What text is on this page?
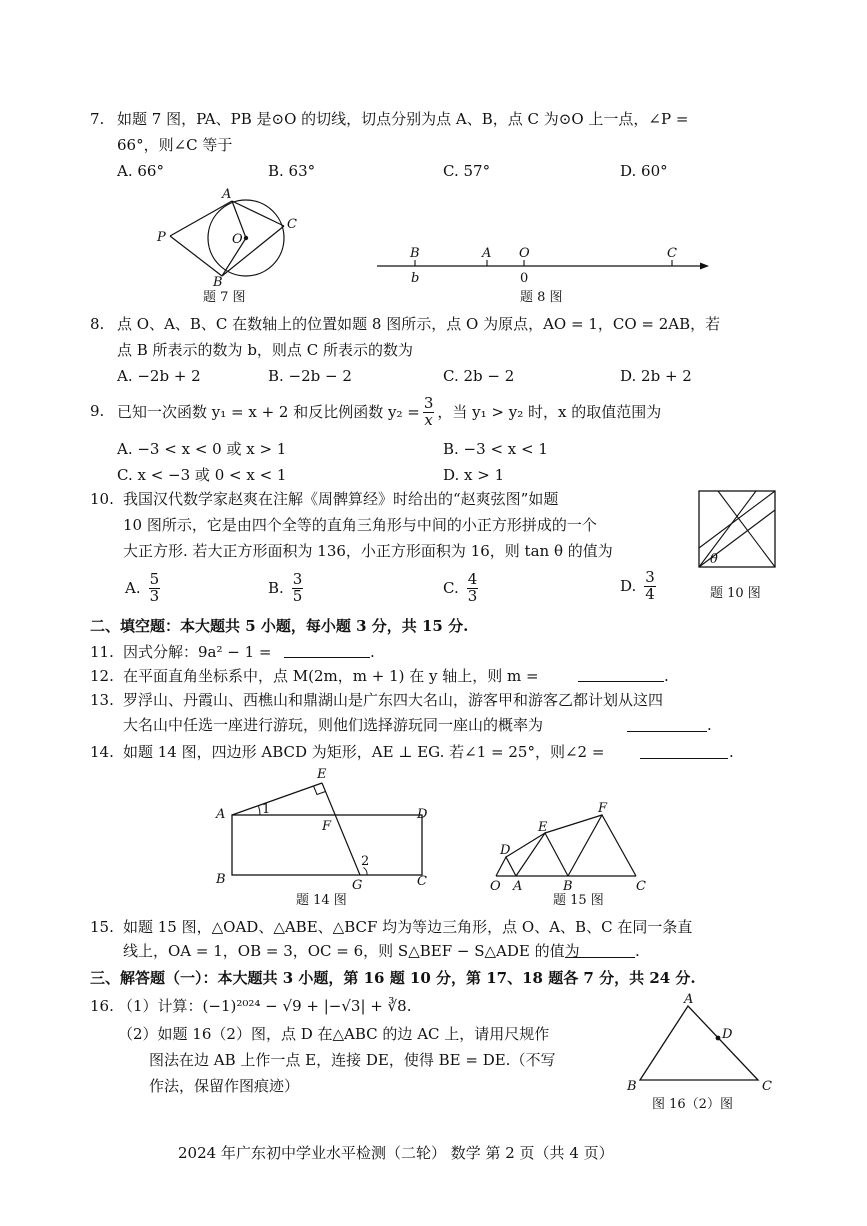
7. 如题 7 图，PA、PB 是⊙O 的切线，切点分别为点 A、B，点 C 为⊙O 上一点，∠P =
66°，则∠C 等于
A. 66°	B. 63°	C. 57°	D. 60°
A
C
P	O
B
题 7 图
B	A O	C
b	0
题 8 图
8. 点 O、A、B、C 在数轴上的位置如题 8 图所示，点 O 为原点，AO = 1，CO = 2AB，若
点 B 所表示的数为 b，则点 C 所表示的数为
A. −2b + 2	B. −2b − 2	C. 2b − 2	D. 2b + 2
9. 已知一次函数 y₁ = x + 2 和反比例函数 $y_2 = \frac{3}{x}$ ，当 y₁ > y₂ 时，x 的取值范围为
A. −3 < x < 0 或 x > 1	B. −3 < x < 1
C. x < −3 或 0 < x < 1	D. x > 1
10. 我国汉代数学家赵爽在注解《周髀算经》时给出的“赵爽弦图”如题
10 图所示，它是由四个全等的直角三角形与中间的小正方形拼成的一个
大正方形. 若大正方形面积为 136，小正方形面积为 16，则 tan θ 的值为
A. $\frac{5}{3}$	B. $\frac{3}{5}$	C. $\frac{4}{3}$	D. $\frac{3}{4}$
θ
题 10 图
二、填空题：本大题共 5 小题，每小题 3 分，共 15 分.
11. 因式分解：9a² − 1 =	.
12. 在平面直角坐标系中，点 M(2m，m + 1) 在 y 轴上，则 m =	.
13. 罗浮山、丹霞山、西樵山和鼎湖山是广东四大名山，游客甲和游客乙都计划从这四
大名山中任选一座进行游玩，则他们选择游玩同一座山的概率为	.
14. 如题 14 图，四边形 ABCD 为矩形，AE ⊥ EG. 若∠1 = 25°，则∠2 =	.
A
E
D
F
1
2
B	G	C
题 14 图
O A	B	C
D
E
F
题 15 图
15. 如题 15 图，△OAD、△ABE、△BCF 均为等边三角形，点 O、A、B、C 在同一条直
线上，OA = 1，OB = 3，OC = 6，则 S△BEF − S△ADE 的值为	.
三、解答题（一）：本大题共 3 小题，第 16 题 10 分，第 17、18 题各 7 分，共 24 分.
16. （1）计算：(−1)²⁰²⁴ − √9 + |−√3| + ∛8.
（2）如题 16（2）图，点 D 在△ABC 的边 AC 上，请用尺规作
图法在边 AB 上作一点 E，连接 DE，使得 BE = DE.（不写
作法，保留作图痕迹）
A
D
B	C
图 16（2）图
2024 年广东初中学业水平检测（二轮） 数学 第 2 页（共 4 页）
